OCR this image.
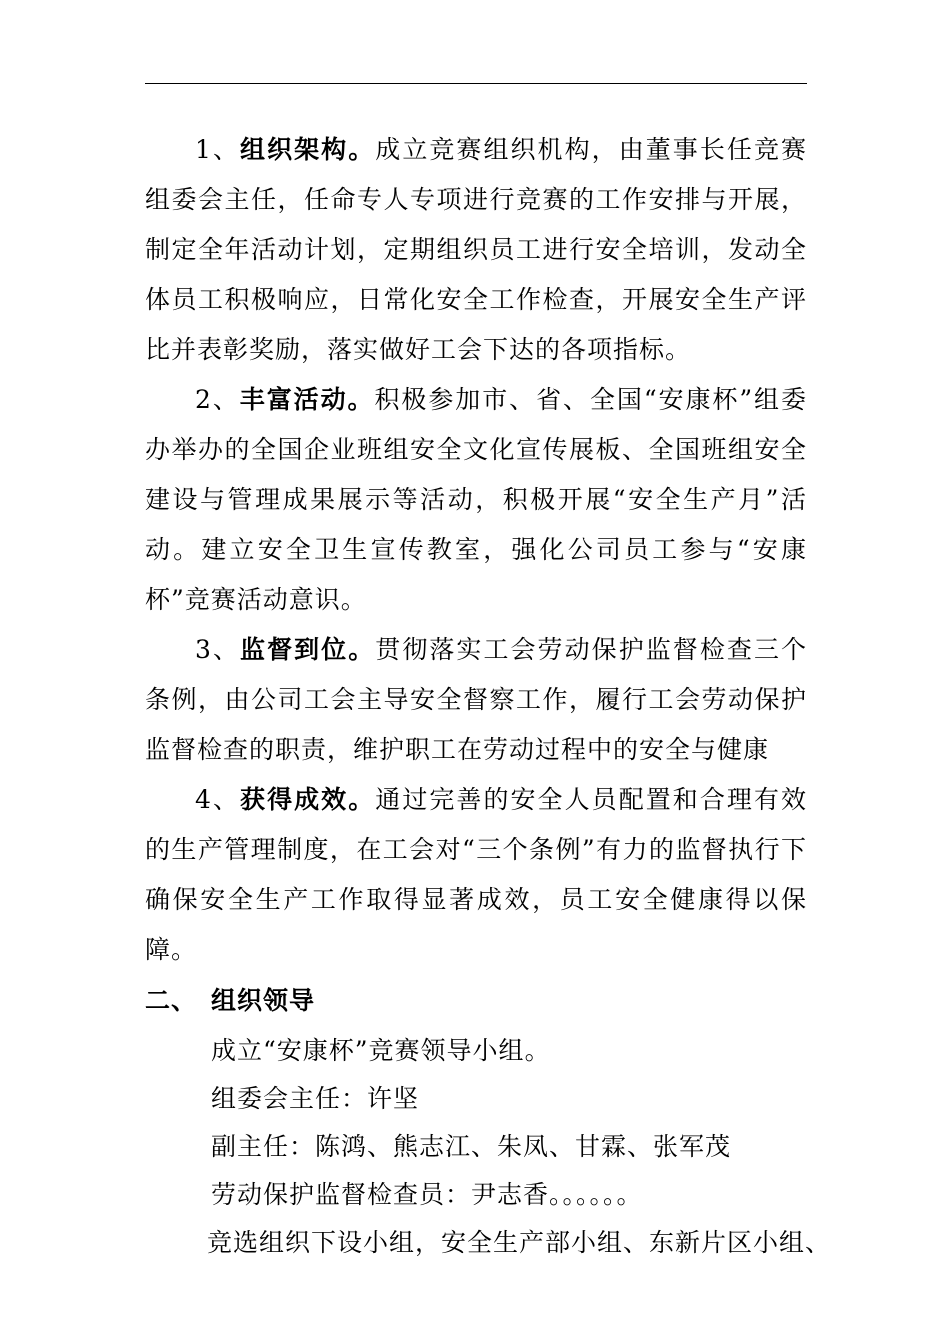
1、组织架构。成立竞赛组织机构，由董事长任竞赛组委会主任，任命专人专项进行竞赛的工作安排与开展，制定全年活动计划，定期组织员工进行安全培训，发动全体员工积极响应，日常化安全工作检查，开展安全生产评比并表彰奖励，落实做好工会下达的各项指标。

2、丰富活动。积极参加市、省、全国“安康杯”组委办举办的全国企业班组安全文化宣传展板、全国班组安全建设与管理成果展示等活动，积极开展“安全生产月”活动。建立安全卫生宣传教室，强化公司员工参与“安康杯”竞赛活动意识。

3、监督到位。贯彻落实工会劳动保护监督检查三个条例，由公司工会主导安全督察工作，履行工会劳动保护监督检查的职责，维护职工在劳动过程中的安全与健康

4、获得成效。通过完善的安全人员配置和合理有效的生产管理制度，在工会对“三个条例”有力的监督执行下确保安全生产工作取得显著成效，员工安全健康得以保障。

二、 组织领导

成立“安康杯”竞赛领导小组。

组委会主任：许坚

副主任：陈鸿、熊志江、朱凤、甘霖、张军茂

劳动保护监督检查员：尹志香。。。。。。

竞选组织下设小组，安全生产部小组、东新片区小组、
